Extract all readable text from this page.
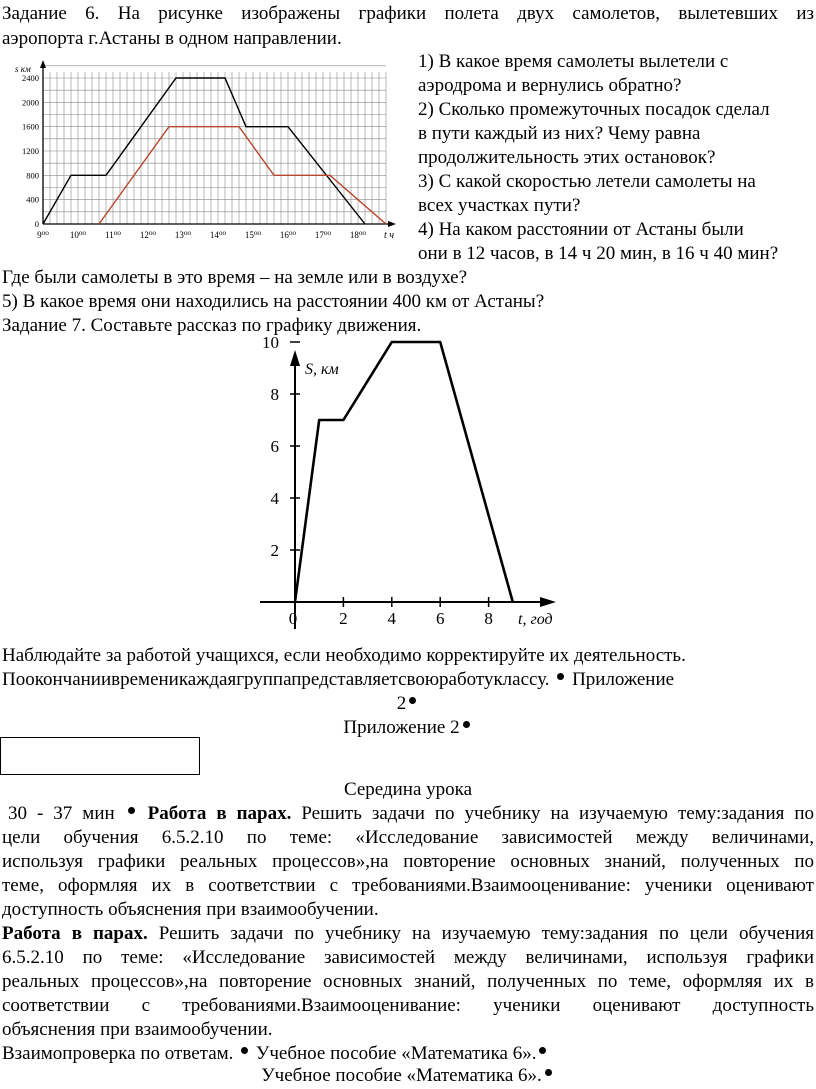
Задание 6. На рисунке изображены графики полета двух самолетов, вылетевших из
аэропорта г.Астаны в одном направлении.
s км
t ч
0
400
800
1200
1600
2000
2400
9⁰⁰ 10⁰⁰ 11⁰⁰ 12⁰⁰ 13⁰⁰ 14⁰⁰ 15⁰⁰ 16⁰⁰ 17⁰⁰ 18⁰⁰
1) В какое время самолеты вылетели с
аэродрома и вернулись обратно?
2) Сколько промежуточных посадок сделал
в пути каждый из них? Чему равна
продолжительность этих остановок?
3) С какой скоростью летели самолеты на
всех участках пути?
4) На каком расстоянии от Астаны были
они в 12 часов, в 14 ч 20 мин, в 16 ч 40 мин?
Где были самолеты в это время – на земле или в воздухе?
5) В какое время они находились на расстоянии 400 км от Астаны?
Задание 7. Составьте рассказ по графику движения.
2
4
6
8
10
0 2 4 6 8
S, км
t, год
Наблюдайте за работой учащихся, если необходимо корректируйте их деятельность.
Поокончаниивременикаждаягруппапредставляетсвоюработуклассу. Приложение
2
Приложение 2
Середина урока
30 - 37 мин Работа в парах. Решить задачи по учебнику на изучаемую тему:задания по
цели обучения 6.5.2.10 по теме: «Исследование зависимостей между величинами,
используя графики реальных процессов»,на повторение основных знаний, полученных по
теме, оформляя их в соответствии с требованиями.Взаимооценивание: ученики оценивают
доступность объяснения при взаимообучении.
Работа в парах. Решить задачи по учебнику на изучаемую тему:задания по цели обучения
6.5.2.10 по теме: «Исследование зависимостей между величинами, используя графики
реальных процессов»,на повторение основных знаний, полученных по теме, оформляя их в
соответствии с требованиями.Взаимооценивание: ученики оценивают доступность
объяснения при взаимообучении.
Взаимопроверка по ответам. Учебное пособие «Математика 6».
Учебное пособие «Математика 6».
